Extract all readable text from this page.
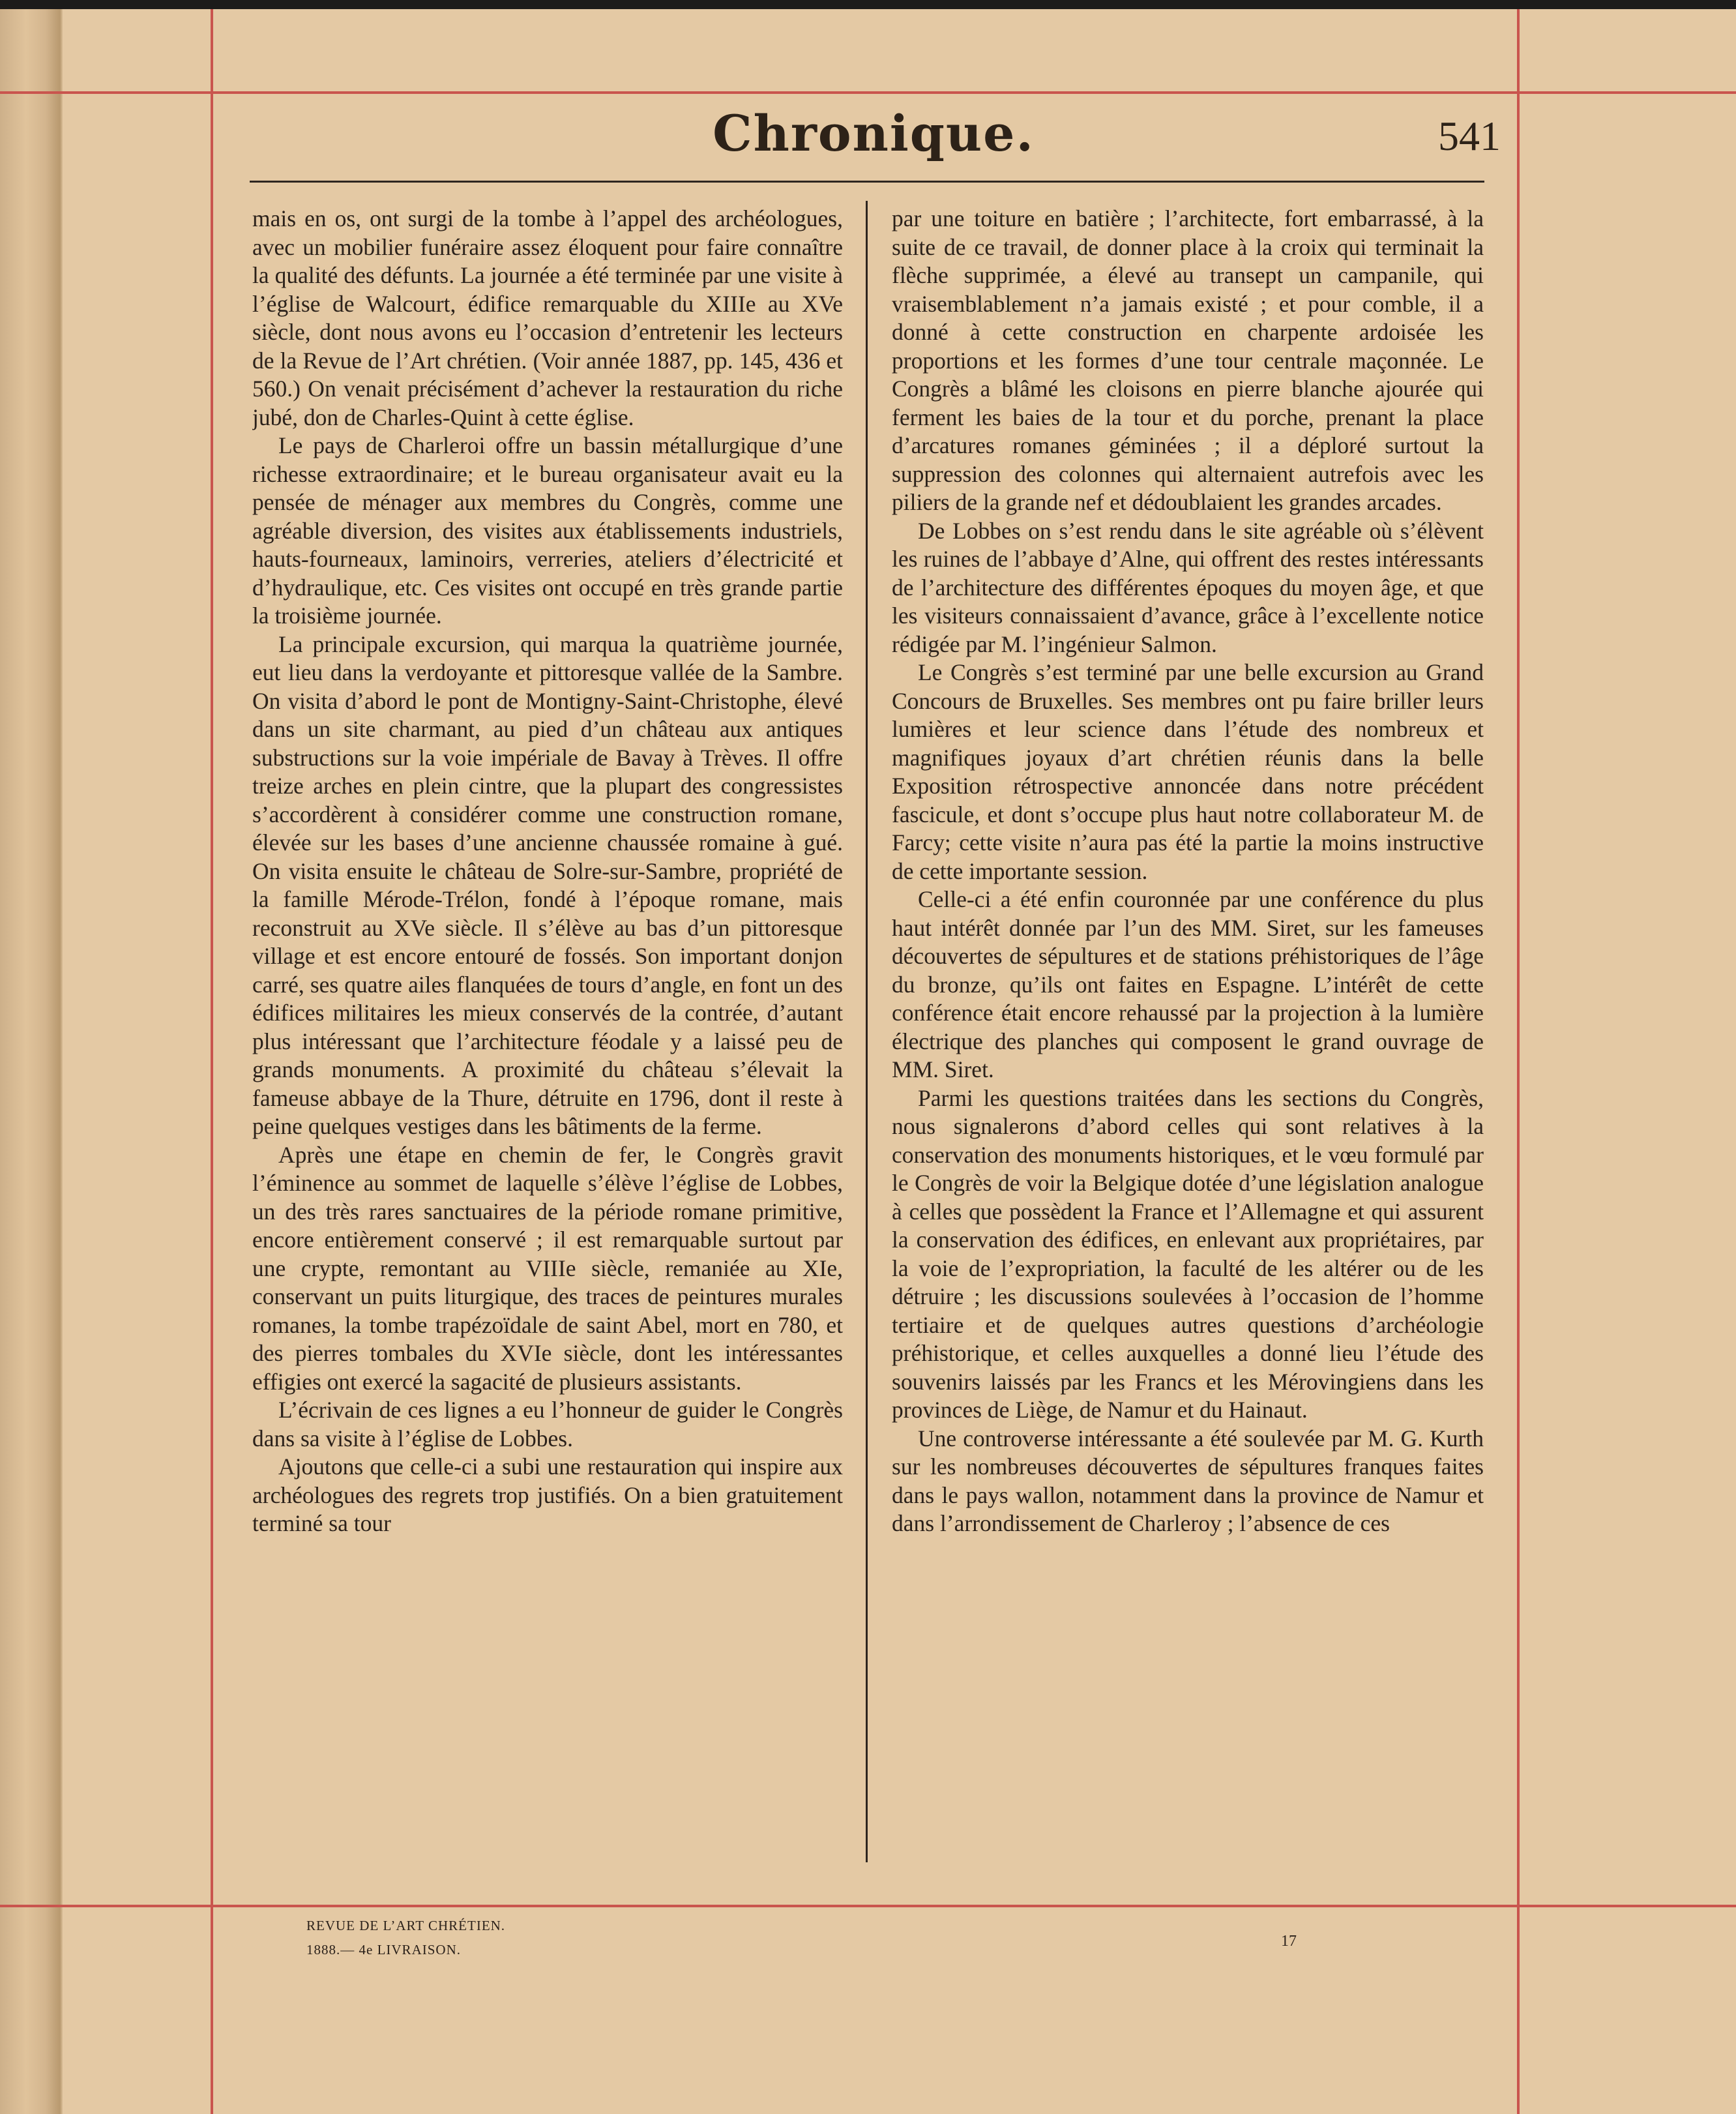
Chronique.	541

mais en os, ont surgi de la tombe à l’appel des archéologues, avec un mobilier funéraire assez éloquent pour faire connaître la qualité des défunts. La journée a été terminée par une visite à l’église de Walcourt, édifice remarquable du XIIIe au XVe siècle, dont nous avons eu l’occasion d’entretenir les lecteurs de la Revue de l’Art chrétien. (Voir année 1887, pp. 145, 436 et 560.) On venait précisément d’achever la restauration du riche jubé, don de Charles-Quint à cette église.

Le pays de Charleroi offre un bassin métallurgique d’une richesse extraordinaire; et le bureau organisateur avait eu la pensée de ménager aux membres du Congrès, comme une agréable diversion, des visites aux établissements industriels, hauts-fourneaux, laminoirs, verreries, ateliers d’électricité et d’hydraulique, etc. Ces visites ont occupé en très grande partie la troisième journée.

La principale excursion, qui marqua la quatrième journée, eut lieu dans la verdoyante et pittoresque vallée de la Sambre. On visita d’abord le pont de Montigny-Saint-Christophe, élevé dans un site charmant, au pied d’un château aux antiques substructions sur la voie impériale de Bavay à Trèves. Il offre treize arches en plein cintre, que la plupart des congressistes s’accordèrent à considérer comme une construction romane, élevée sur les bases d’une ancienne chaussée romaine à gué. On visita ensuite le château de Solre-sur-Sambre, propriété de la famille Mérode-Trélon, fondé à l’époque romane, mais reconstruit au XVe siècle. Il s’élève au bas d’un pittoresque village et est encore entouré de fossés. Son important donjon carré, ses quatre ailes flanquées de tours d’angle, en font un des édifices militaires les mieux conservés de la contrée, d’autant plus intéressant que l’architecture féodale y a laissé peu de grands monuments. A proximité du château s’élevait la fameuse abbaye de la Thure, détruite en 1796, dont il reste à peine quelques vestiges dans les bâtiments de la ferme.

Après une étape en chemin de fer, le Congrès gravit l’éminence au sommet de laquelle s’élève l’église de Lobbes, un des très rares sanctuaires de la période romane primitive, encore entièrement conservé ; il est remarquable surtout par une crypte, remontant au VIIIe siècle, remaniée au XIe, conservant un puits liturgique, des traces de peintures murales romanes, la tombe trapézoïdale de saint Abel, mort en 780, et des pierres tombales du XVIe siècle, dont les intéressantes effigies ont exercé la sagacité de plusieurs assistants.

L’écrivain de ces lignes a eu l’honneur de guider le Congrès dans sa visite à l’église de Lobbes.

Ajoutons que celle-ci a subi une restauration qui inspire aux archéologues des regrets trop justifiés. On a bien gratuitement terminé sa tour

par une toiture en batière ; l’architecte, fort embarrassé, à la suite de ce travail, de donner place à la croix qui terminait la flèche supprimée, a élevé au transept un campanile, qui vraisemblablement n’a jamais existé ; et pour comble, il a donné à cette construction en charpente ardoisée les proportions et les formes d’une tour centrale maçonnée. Le Congrès a blâmé les cloisons en pierre blanche ajourée qui ferment les baies de la tour et du porche, prenant la place d’arcatures romanes géminées ; il a déploré surtout la suppression des colonnes qui alternaient autrefois avec les piliers de la grande nef et dédoublaient les grandes arcades.

De Lobbes on s’est rendu dans le site agréable où s’élèvent les ruines de l’abbaye d’Alne, qui offrent des restes intéressants de l’architecture des différentes époques du moyen âge, et que les visiteurs connaissaient d’avance, grâce à l’excellente notice rédigée par M. l’ingénieur Salmon.

Le Congrès s’est terminé par une belle excursion au Grand Concours de Bruxelles. Ses membres ont pu faire briller leurs lumières et leur science dans l’étude des nombreux et magnifiques joyaux d’art chrétien réunis dans la belle Exposition rétrospective annoncée dans notre précédent fascicule, et dont s’occupe plus haut notre collaborateur M. de Farcy; cette visite n’aura pas été la partie la moins instructive de cette importante session.

Celle-ci a été enfin couronnée par une conférence du plus haut intérêt donnée par l’un des MM. Siret, sur les fameuses découvertes de sépultures et de stations préhistoriques de l’âge du bronze, qu’ils ont faites en Espagne. L’intérêt de cette conférence était encore rehaussé par la projection à la lumière électrique des planches qui composent le grand ouvrage de MM. Siret.

Parmi les questions traitées dans les sections du Congrès, nous signalerons d’abord celles qui sont relatives à la conservation des monuments historiques, et le vœu formulé par le Congrès de voir la Belgique dotée d’une législation analogue à celles que possèdent la France et l’Allemagne et qui assurent la conservation des édifices, en enlevant aux propriétaires, par la voie de l’expropriation, la faculté de les altérer ou de les détruire ; les discussions soulevées à l’occasion de l’homme tertiaire et de quelques autres questions d’archéologie préhistorique, et celles auxquelles a donné lieu l’étude des souvenirs laissés par les Francs et les Mérovingiens dans les provinces de Liège, de Namur et du Hainaut.

Une controverse intéressante a été soulevée par M. G. Kurth sur les nombreuses découvertes de sépultures franques faites dans le pays wallon, notamment dans la province de Namur et dans l’arrondissement de Charleroy ; l’absence de ces

REVUE DE L’ART CHRÉTIEN.
1888.— 4e LIVRAISON.	17
